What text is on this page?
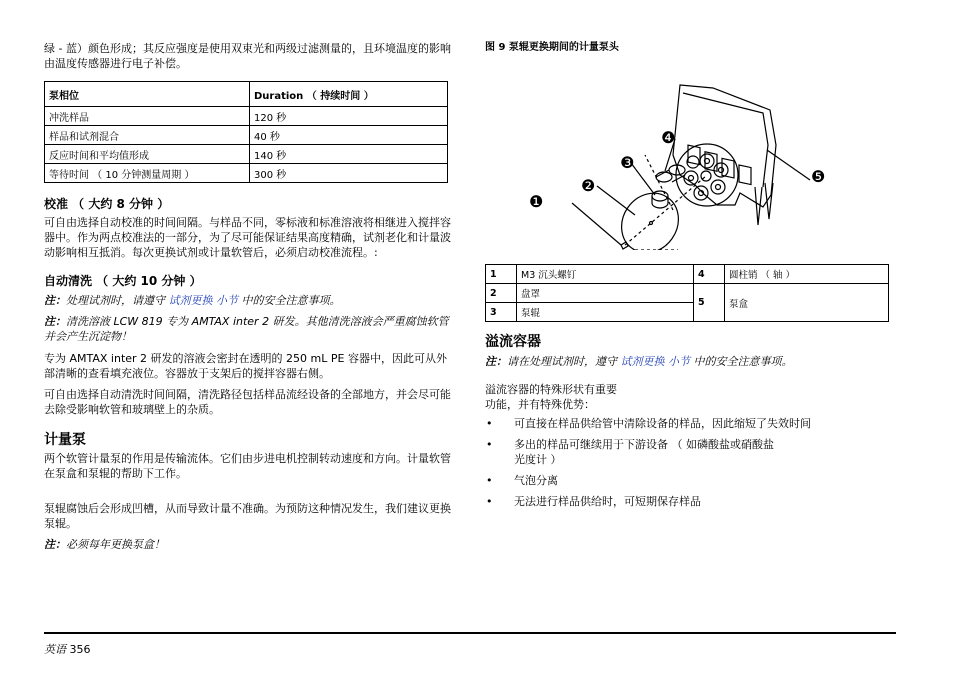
绿 - 蓝）颜色形成；其反应强度是使用双束光和两级过滤测量的，且环境温度的影响由温度传感器进行电子补偿。

泵相位	Duration （ 持续时间 ）
冲洗样品	120 秒
样品和试剂混合	40 秒
反应时间和平均值形成	140 秒
等待时间 （ 10 分钟测量周期 ）	300 秒
校准 （ 大约 8 分钟 ）

可自由选择自动校准的时间间隔。与样品不同，零标液和标准溶液将相继进入搅拌容器中。作为两点校准法的一部分，为了尽可能保证结果高度精确，试剂老化和计量波动影响相互抵消。每次更换试剂或计量软管后，必须启动校准流程。:

自动清洗 （ 大约 10 分钟 ）

注：处理试剂时，请遵守 试剂更换 小节 中的安全注意事项。

注：清洗溶液 LCW 819 专为 AMTAX inter 2 研发。其他清洗溶液会严重腐蚀软管并会产生沉淀物！

专为 AMTAX inter 2 研发的溶液会密封在透明的 250 mL PE 容器中，因此可从外部清晰的查看填充液位。容器放于支架后的搅拌容器右侧。

可自由选择自动清洗时间间隔，清洗路径包括样品流经设备的全部地方，并会尽可能去除受影响软管和玻璃壁上的杂质。

计量泵

两个软管计量泵的作用是传输流体。它们由步进电机控制转动速度和方向。计量软管在泵盒和泵辊的帮助下工作。

泵辊腐蚀后会形成凹槽，从而导致计量不准确。为预防这种情况发生，我们建议更换泵辊。

注：必须每年更换泵盒！

图 9 泵辊更换期间的计量泵头

❶
❷
❸
❹
❺
1	M3 沉头螺钉	4	圆柱销 （ 轴 ）
2	盘罩	5	泵盒
3	泵辊		
溢流容器

注：请在处理试剂时，遵守 试剂更换 小节 中的安全注意事项。

溢流容器的特殊形状有重要

功能，并有特殊优势：

• 可直接在样品供给管中清除设备的样品，因此缩短了失效时间
• 多出的样品可继续用于下游设备 （ 如磷酸盐或硝酸盐光度计 ）
• 气泡分离
• 无法进行样品供给时，可短期保存样品
英语 356
